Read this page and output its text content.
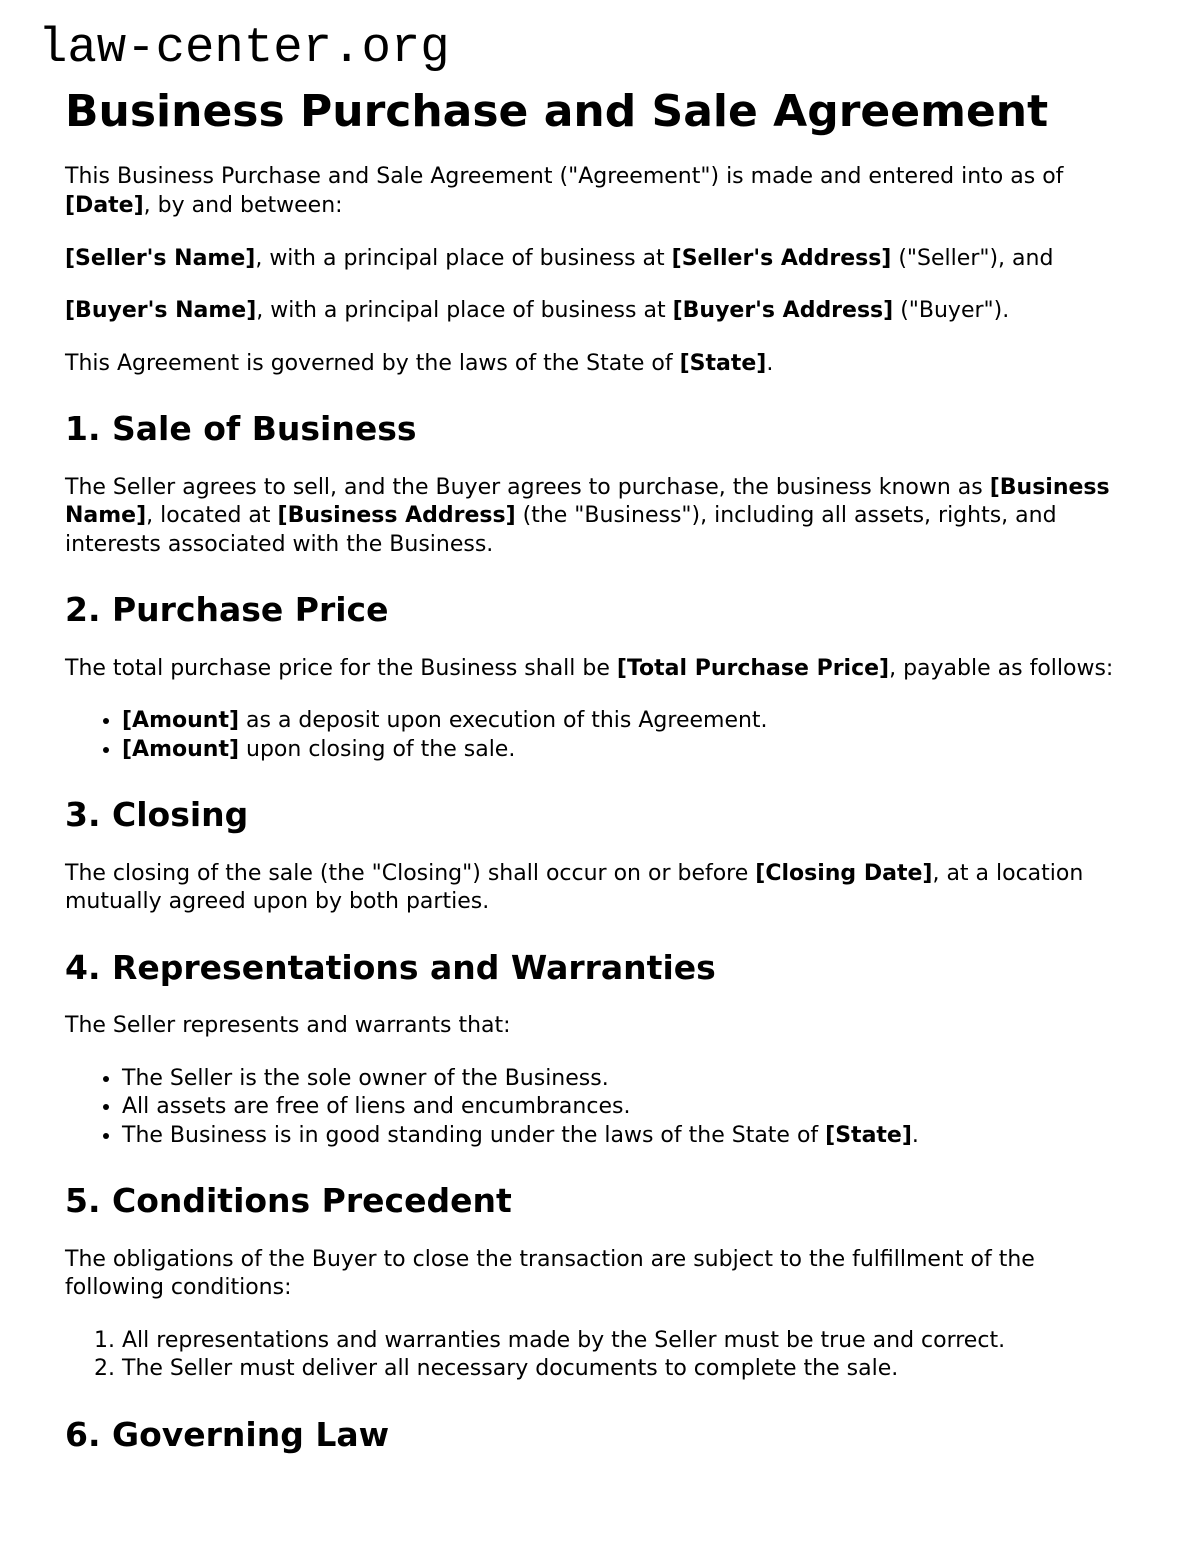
law-center.org
Business Purchase and Sale Agreement

This Business Purchase and Sale Agreement ("Agreement") is made and entered into as of [Date], by and between:

[Seller's Name], with a principal place of business at [Seller's Address] ("Seller"), and

[Buyer's Name], with a principal place of business at [Buyer's Address] ("Buyer").

This Agreement is governed by the laws of the State of [State].

1. Sale of Business

The Seller agrees to sell, and the Buyer agrees to purchase, the business known as [Business Name], located at [Business Address] (the "Business"), including all assets, rights, and interests associated with the Business.

2. Purchase Price

The total purchase price for the Business shall be [Total Purchase Price], payable as follows:

• [Amount] as a deposit upon execution of this Agreement.
• [Amount] upon closing of the sale.
3. Closing

The closing of the sale (the "Closing") shall occur on or before [Closing Date], at a location mutually agreed upon by both parties.

4. Representations and Warranties

The Seller represents and warrants that:

• The Seller is the sole owner of the Business.
• All assets are free of liens and encumbrances.
• The Business is in good standing under the laws of the State of [State].
5. Conditions Precedent

The obligations of the Buyer to close the transaction are subject to the fulfillment of the following conditions:

1. All representations and warranties made by the Seller must be true and correct.
2. The Seller must deliver all necessary documents to complete the sale.
6. Governing Law
